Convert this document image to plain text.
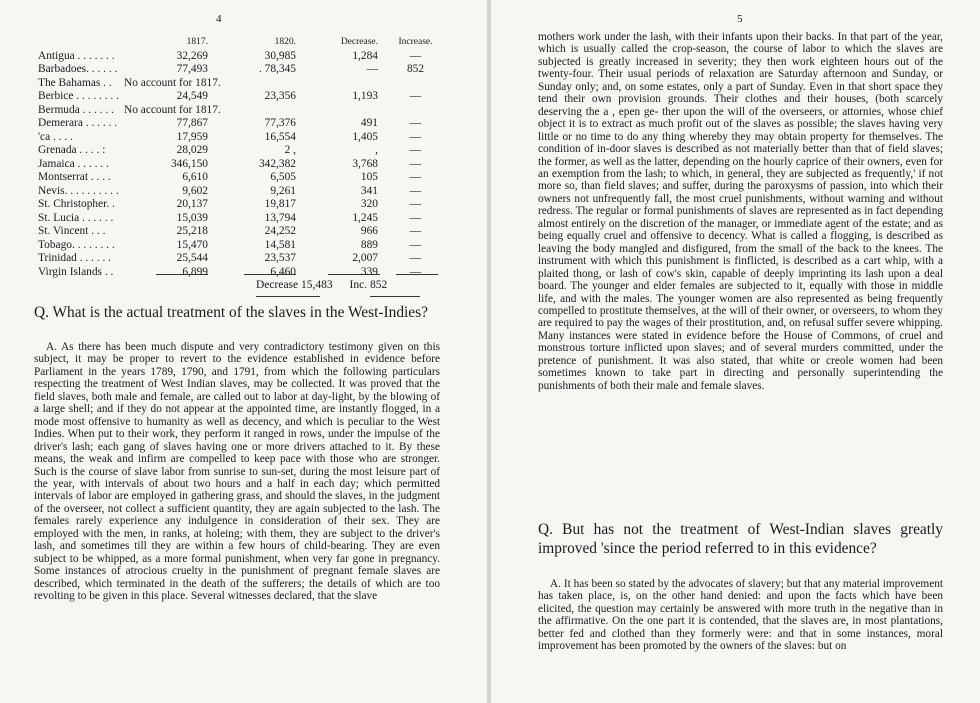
4
1817.	1820.	Decrease.	Increase.
Antigua . . . . . . .	32,269	30,985	1,284	—
Barbadoes. . . . . .	77,493	. 78,345	—	852
The Bahamas . . No account for 1817.
Berbice . . . . . . . .	24,549	23,356	1,193	—
Bermuda . . . . . . No account for 1817.
Demerara . . . . . .	77,867	77,376	491	—
'ca . . . .	17,959	16,554	1,405	—
Grenada . . . . :	28,029	2 ,	,	—
Jamaica . . . . . .	346,150	342,382	3,768	—
Montserrat . . . .	6,610	6,505	105	—
Nevis. . . . . . . . . .	9,602	9,261	341	—
St. Christopher. .	20,137	19,817	320	—
St. Lucia . . . . . .	15,039	13,794	1,245	—
St. Vincent . . .	25,218	24,252	966	—
Tobago. . . . . . . .	15,470	14,581	889	—
Trinidad . . . . . .	25,544	23,537	2,007	—
Virgin Islands . .	6,899	6,460	339	—
Decrease 15,483 Inc. 852
Q. What is the actual treatment of the slaves in the West-Indies?

A. As there has been much dispute and very contradictory testimony given on this subject, it may be proper to revert to the evidence established in evidence before Parliament in the years 1789, 1790, and 1791, from which the following particulars respecting the treatment of West Indian slaves, may be collected. It was proved that the field slaves, both male and female, are called out to labor at day-light, by the blowing of a large shell; and if they do not appear at the appointed time, are instantly flogged, in a mode most offensive to humanity as well as decency, and which is peculiar to the West Indies. When put to their work, they perform it ranged in rows, under the impulse of the driver's lash; each gang of slaves having one or more drivers attached to it. By these means, the weak and infirm are compelled to keep pace with those who are stronger. Such is the course of slave labor from sunrise to sun-set, during the most leisure part of the year, with intervals of about two hours and a half in each day; which permitted intervals of labor are employed in gathering grass, and should the slaves, in the judgment of the overseer, not collect a sufficient quantity, they are again subjected to the lash. The females rarely experience any indulgence in consideration of their sex. They are employed with the men, in ranks, at holeing; with them, they are subject to the driver's lash, and sometimes till they are within a few hours of child-bearing. They are even subject to be whipped, as a more formal punishment, when very far gone in pregnancy. Some instances of atrocious cruelty in the punishment of pregnant female slaves are described, which terminated in the death of the sufferers; the details of which are too revolting to be given in this place. Several witnesses declared, that the slave

5

mothers work under the lash, with their infants upon their backs. In that part of the year, which is usually called the crop-season, the course of labor to which the slaves are subjected is greatly increased in severity; they then work eighteen hours out of the twenty-four. Their usual periods of relaxation are Saturday afternoon and Sunday, or Sunday only; and, on some estates, only a part of Sunday. Even in that short space they tend their own provision grounds. Their clothes and their houses, (both scarcely deserving the a , epen ge- ther upon the will of the overseers, or attornies, whose chief object it is to extract as much profit out of the slaves as possible; the slaves having very little or no time to do any thing whereby they may obtain property for themselves. The condition of in-door slaves is described as not materially better than that of field slaves; the former, as well as the latter, depending on the hourly caprice of their owners, even for an exemption from the lash; to which, in general, they are subjected as frequently,' if not more so, than field slaves; and suffer, during the paroxysms of passion, into which their owners not unfrequently fall, the most cruel punishments, without warning and without redress. The regular or formal punishments of slaves are represented as in fact depending almost entirely on the discretion of the manager, or immediate agent of the estate; and as being equally cruel and offensive to decency. What is called a flogging, is described as leaving the body mangled and disfigured, from the small of the back to the knees. The instrument with which this punishment is finflicted, is described as a cart whip, with a plaited thong, or lash of cow's skin, capable of deeply imprinting its lash upon a deal board. The younger and elder females are subjected to it, equally with those in middle life, and with the males. The younger women are also represented as being frequently compelled to prostitute themselves, at the will of their owner, or overseers, to whom they are required to pay the wages of their prostitution, and, on refusal suffer severe whipping. Many instances were stated in evidence before the House of Commons, of cruel and monstrous torture inflicted upon slaves; and of several murders committed, under the pretence of punishment. It was also stated, that white or creole women had been sometimes known to take part in directing and personally superintending the punishments of both their male and female slaves.

Q. But has not the treatment of West-Indian slaves greatly improved 'since the period referred to in this evidence?

A. It has been so stated by the advocates of slavery; but that any material improvement has taken place, is, on the other hand denied: and upon the facts which have been elicited, the question may certainly be answered with more truth in the negative than in the affirmative. On the one part it is contended, that the slaves are, in most plantations, better fed and clothed than they formerly were: and that in some instances, moral improvement has been promoted by the owners of the slaves: but on
